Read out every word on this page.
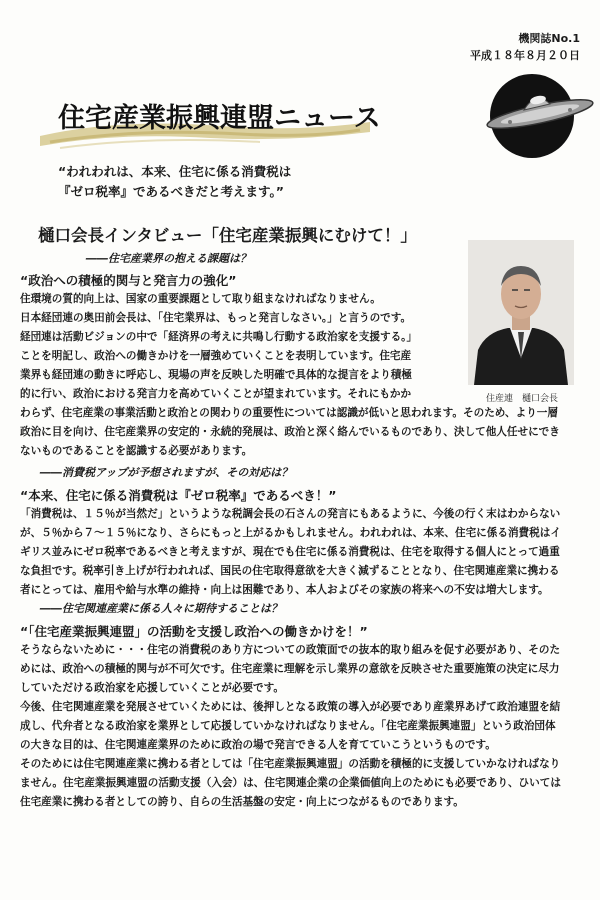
機関誌No.1
平成１８年８月２０日
住宅産業振興連盟ニュース
“われわれは、本来、住宅に係る消費税は
『ゼロ税率』であるべきだと考えます。”
樋口会長インタビュー「住宅産業振興にむけて！」
住産連　樋口会長
――住宅産業界の抱える課題は？
“政治への積極的関与と発言力の強化”
住環境の質的向上は、国家の重要課題として取り組まなければなりません。
日本経団連の奥田前会長は、「住宅業界は、もっと発言しなさい。」と言うのです。
経団連は活動ビジョンの中で「経済界の考えに共鳴し行動する政治家を支援する。」
ことを明記し、政治への働きかけを一層強めていくことを表明しています。住宅産
業界も経団連の動きに呼応し、現場の声を反映した明確で具体的な提言をより積極
的に行い、政治における発言力を高めていくことが望まれています。それにもかか
わらず、住宅産業の事業活動と政治との関わりの重要性については認識が低いと思われます。そのため、より一層
政治に目を向け、住宅産業界の安定的・永続的発展は、政治と深く絡んでいるものであり、決して他人任せにでき
ないものであることを認識する必要があります。
――消費税アップが予想されますが、その対応は？
“本来、住宅に係る消費税は『ゼロ税率』であるべき！”
「消費税は、１５％が当然だ」というような税調会長の石さんの発言にもあるように、今後の行く末はわからない
が、５％から７～１５％になり、さらにもっと上がるかもしれません。われわれは、本来、住宅に係る消費税はイ
ギリス並みにゼロ税率であるべきと考えますが、現在でも住宅に係る消費税は、住宅を取得する個人にとって過重
な負担です。税率引き上げが行われれば、国民の住宅取得意欲を大きく減ずることとなり、住宅関連産業に携わる
者にとっては、雇用や給与水準の維持・向上は困難であり、本人およびその家族の将来への不安は増大します。
――住宅関連産業に係る人々に期待することは？
“「住宅産業振興連盟」の活動を支援し政治への働きかけを！”
そうならないために・・・住宅の消費税のあり方についての政策面での抜本的取り組みを促す必要があり、そのた
めには、政治への積極的関与が不可欠です。住宅産業に理解を示し業界の意欲を反映させた重要施策の決定に尽力
していただける政治家を応援していくことが必要です。
今後、住宅関連産業を発展させていくためには、後押しとなる政策の導入が必要であり産業界あげて政治連盟を結
成し、代弁者となる政治家を業界として応援していかなければなりません。「住宅産業振興連盟」という政治団体
の大きな目的は、住宅関連産業界のために政治の場で発言できる人を育てていこうというものです。
そのためには住宅関連産業に携わる者としては「住宅産業振興連盟」の活動を積極的に支援していかなければなり
ません。住宅産業振興連盟の活動支援（入会）は、住宅関連企業の企業価値向上のためにも必要であり、ひいては
住宅産業に携わる者としての誇り、自らの生活基盤の安定・向上につながるものであります。
